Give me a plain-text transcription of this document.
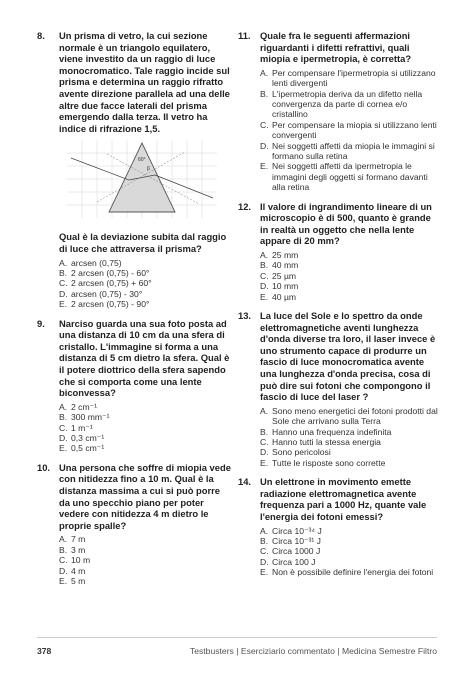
8.	Un prisma di vetro, la cui sezione normale è un triangolo equilatero, viene investito da un raggio di luce monocromatico. Tale raggio incide sul prisma e determina un raggio rifratto avente direzione parallela ad una delle altre due facce laterali del prisma emergendo dalla terza. Il vetro ha indice di rifrazione 1,5.

60°
β

Qual è la deviazione subita dal raggio di luce che attraversa il prisma?

A. arcsen (0,75)
B. 2 arcsen (0,75) - 60°
C. 2 arcsen (0,75) + 60°
D. arcsen (0,75) - 30°
E. 2 arcsen (0,75) - 90°
9.	Narciso guarda una sua foto posta ad una distanza di 10 cm da una sfera di cristallo. L'immagine si forma a una distanza di 5 cm dietro la sfera. Qual è il potere diottrico della sfera sapendo che si comporta come una lente biconvessa?

A. 2 cm⁻¹
B. 300 mm⁻¹
C. 1 m⁻¹
D. 0,3 cm⁻¹
E. 0,5 cm⁻¹
10. Una persona che soffre di miopia vede con nitidezza fino a 10 m. Qual è la distanza massima a cui si può porre da uno specchio piano per poter vedere con nitidezza 4 m dietro le proprie spalle?

A. 7 m
B. 3 m
C. 10 m
D. 4 m
E. 5 m
11.	Quale fra le seguenti affermazioni riguardanti i difetti refrattivi, quali miopia e ipermetropia, è corretta?

A. Per compensare l'ipermetropia si utilizzano lenti divergenti
B. L'ipermetropia deriva da un difetto nella convergenza da parte di cornea e/o cristallino
C. Per compensare la miopia si utilizzano lenti convergenti
D. Nei soggetti affetti da miopia le immagini si formano sulla retina
E. Nei soggetti affetti da ipermetropia le immagini degli oggetti si formano davanti alla retina
12. Il valore di ingrandimento lineare di un microscopio è di 500, quanto è grande in realtà un oggetto che nella lente appare di 20 mm?

A. 25 mm
B. 40 mm
C. 25 µm
D. 10 mm
E. 40 µm
13. La luce del Sole e lo spettro da onde elettromagnetiche aventi lunghezza d'onda diverse tra loro, il laser invece è uno strumento capace di produrre un fascio di luce monocromatica avente una lunghezza d'onda precisa, cosa di può dire sui fotoni che compongono il fascio di luce del laser ?

A. Sono meno energetici dei fotoni prodotti dal Sole che arrivano sulla Terra
B. Hanno una frequenza indefinita
C. Hanno tutti la stessa energia
D. Sono pericolosi
E. Tutte le risposte sono corrette
14. Un elettrone in movimento emette radiazione elettromagnetica avente frequenza pari a 1000 Hz, quante vale l'energia dei fotoni emessi?

A. Circa 10⁻³⁴ J
B. Circa 10⁻³¹ J
C. Circa 1000 J
D. Circa 100 J
E. Non è possibile definire l'energia dei fotoni
378	Testbusters | Eserciziario commentato | Medicina Semestre Filtro
